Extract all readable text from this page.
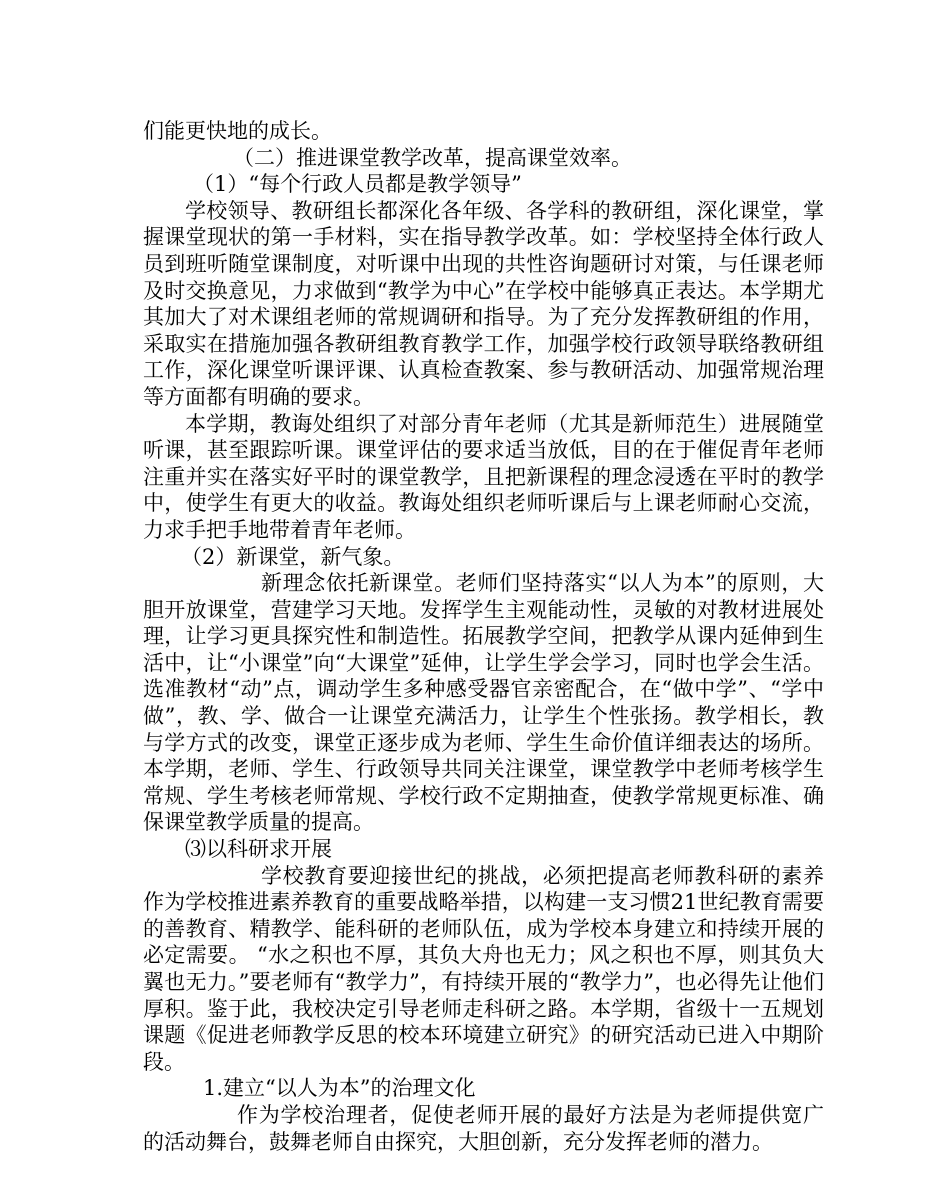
们能更快地的成长。

（二）推进课堂教学改革，提高课堂效率。

（1）“每个行政人员都是教学领导”

学校领导、教研组长都深化各年级、各学科的教研组，深化课堂，掌握课堂现状的第一手材料，实在指导教学改革。如：学校坚持全体行政人员到班听随堂课制度，对听课中出现的共性咨询题研讨对策，与任课老师及时交换意见，力求做到“教学为中心”在学校中能够真正表达。本学期尤其加大了对术课组老师的常规调研和指导。为了充分发挥教研组的作用，采取实在措施加强各教研组教育教学工作，加强学校行政领导联络教研组工作，深化课堂听课评课、认真检查教案、参与教研活动、加强常规治理等方面都有明确的要求。

本学期，教诲处组织了对部分青年老师（尤其是新师范生）进展随堂听课，甚至跟踪听课。课堂评估的要求适当放低，目的在于催促青年老师注重并实在落实好平时的课堂教学，且把新课程的理念浸透在平时的教学中，使学生有更大的收益。教诲处组织老师听课后与上课老师耐心交流，力求手把手地带着青年老师。

（2）新课堂，新气象。

新理念依托新课堂。老师们坚持落实“以人为本”的原则，大胆开放课堂，营建学习天地。发挥学生主观能动性，灵敏的对教材进展处理，让学习更具探究性和制造性。拓展教学空间，把教学从课内延伸到生活中，让“小课堂”向“大课堂”延伸，让学生学会学习，同时也学会生活。选准教材“动”点，调动学生多种感受器官亲密配合，在“做中学”、“学中做”，教、学、做合一让课堂充满活力，让学生个性张扬。教学相长，教与学方式的改变，课堂正逐步成为老师、学生生命价值详细表达的场所。本学期，老师、学生、行政领导共同关注课堂，课堂教学中老师考核学生常规、学生考核老师常规、学校行政不定期抽查，使教学常规更标准、确保课堂教学质量的提高。

⑶以科研求开展

学校教育要迎接世纪的挑战，必须把提高老师教科研的素养作为学校推进素养教育的重要战略举措，以构建一支习惯21世纪教育需要的善教育、精教学、能科研的老师队伍，成为学校本身建立和持续开展的必定需要。 “水之积也不厚，其负大舟也无力；风之积也不厚，则其负大翼也无力。”要老师有“教学力”，有持续开展的“教学力”，也必得先让他们厚积。鉴于此，我校决定引导老师走科研之路。本学期，省级十一五规划课题《促进老师教学反思的校本环境建立研究》的研究活动已进入中期阶段。

1.建立“以人为本”的治理文化

作为学校治理者，促使老师开展的最好方法是为老师提供宽广的活动舞台，鼓舞老师自由探究，大胆创新，充分发挥老师的潜力。
